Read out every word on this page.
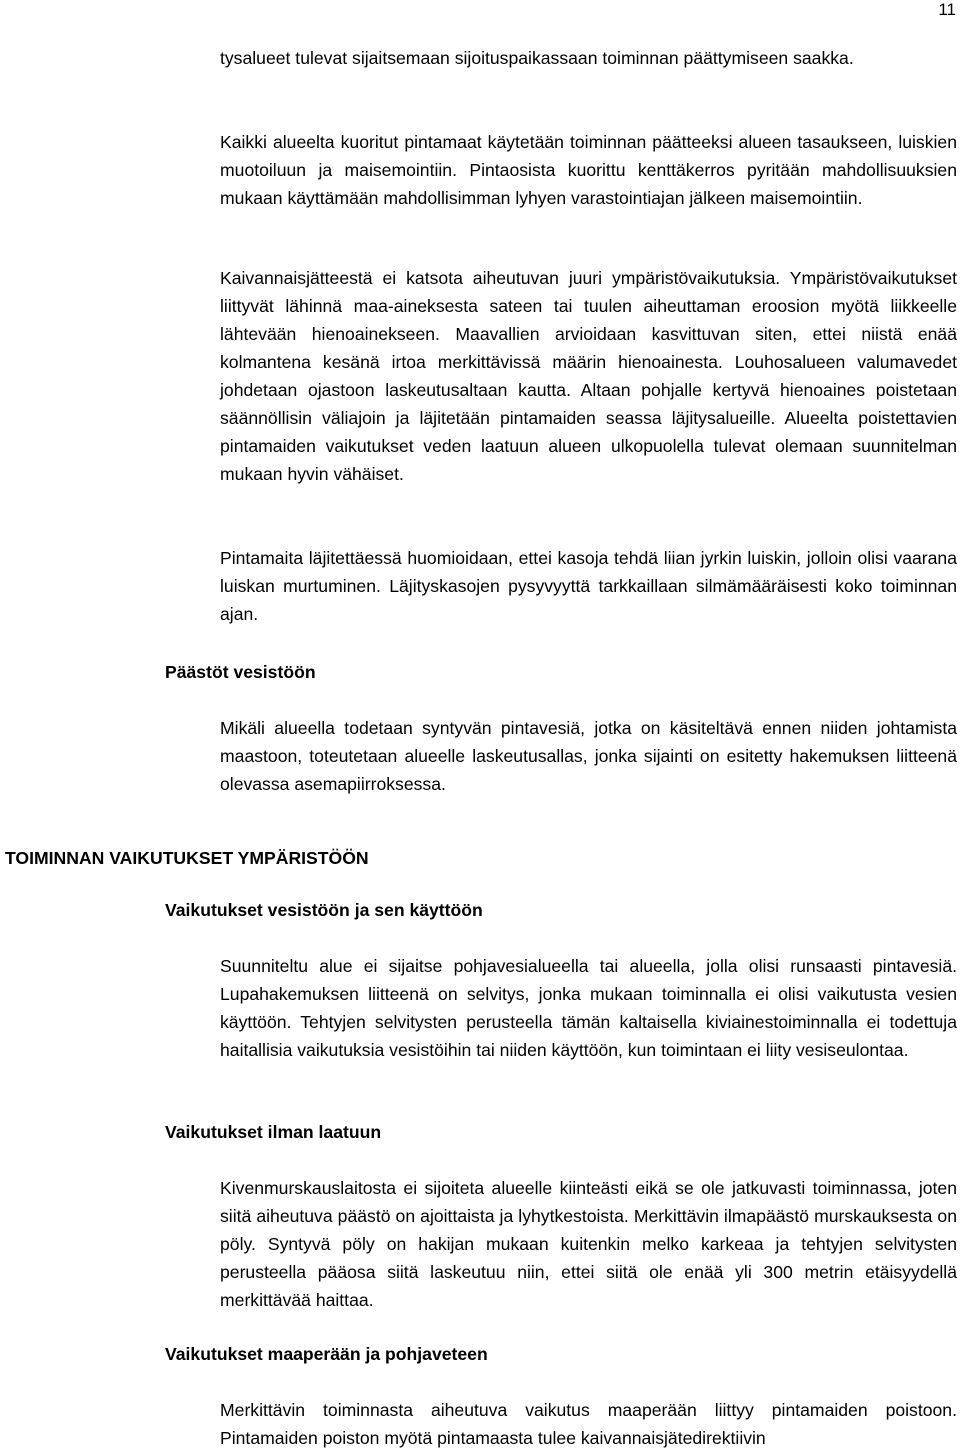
11

tysalueet tulevat sijaitsemaan sijoituspaikassaan toiminnan päättymiseen saakka.

Kaikki alueelta kuoritut pintamaat käytetään toiminnan päätteeksi alueen tasaukseen, luiskien muotoiluun ja maisemointiin. Pintaosista kuorittu kenttäkerros pyritään mahdollisuuksien mukaan käyttämään mahdollisimman lyhyen varastointiajan jälkeen maisemointiin.

Kaivannaisjätteestä ei katsota aiheutuvan juuri ympäristövaikutuksia. Ympäristövaikutukset liittyvät lähinnä maa-aineksesta sateen tai tuulen aiheuttaman eroosion myötä liikkeelle lähtevään hienoainekseen. Maavallien arvioidaan kasvittuvan siten, ettei niistä enää kolmantena kesänä irtoa merkittävissä määrin hienoainesta. Louhosalueen valumavedet johdetaan ojastoon laskeutusaltaan kautta. Altaan pohjalle kertyvä hienoaines poistetaan säännöllisin väliajoin ja läjitetään pintamaiden seassa läjitysalueille. Alueelta poistettavien pintamaiden vaikutukset veden laatuun alueen ulkopuolella tulevat olemaan suunnitelman mukaan hyvin vähäiset.

Pintamaita läjitettäessä huomioidaan, ettei kasoja tehdä liian jyrkin luiskin, jolloin olisi vaarana luiskan murtuminen. Läjityskasojen pysyvyyttä tarkkaillaan silmämääräisesti koko toiminnan ajan.

Päästöt vesistöön

Mikäli alueella todetaan syntyvän pintavesiä, jotka on käsiteltävä ennen niiden johtamista maastoon, toteutetaan alueelle laskeutusallas, jonka sijainti on esitetty hakemuksen liitteenä olevassa asemapiirroksessa.

TOIMINNAN VAIKUTUKSET YMPÄRISTÖÖN
Vaikutukset vesistöön ja sen käyttöön

Suunniteltu alue ei sijaitse pohjavesialueella tai alueella, jolla olisi runsaasti pintavesiä. Lupahakemuksen liitteenä on selvitys, jonka mukaan toiminnalla ei olisi vaikutusta vesien käyttöön. Tehtyjen selvitysten perusteella tämän kaltaisella kiviainestoiminnalla ei todettuja haitallisia vaikutuksia vesistöihin tai niiden käyttöön, kun toimintaan ei liity vesiseulontaa.

Vaikutukset ilman laatuun

Kivenmurskauslaitosta ei sijoiteta alueelle kiinteästi eikä se ole jatkuvasti toiminnassa, joten siitä aiheutuva päästö on ajoittaista ja lyhytkestoista. Merkittävin ilmapäästö murskauksesta on pöly. Syntyvä pöly on hakijan mukaan kuitenkin melko karkeaa ja tehtyjen selvitysten perusteella pääosa siitä laskeutuu niin, ettei siitä ole enää yli 300 metrin etäisyydellä merkittävää haittaa.

Vaikutukset maaperään ja pohjaveteen

Merkittävin toiminnasta aiheutuva vaikutus maaperään liittyy pintamaiden poistoon. Pintamaiden poiston myötä pintamaasta tulee kaivannaisjätedirektiivin
